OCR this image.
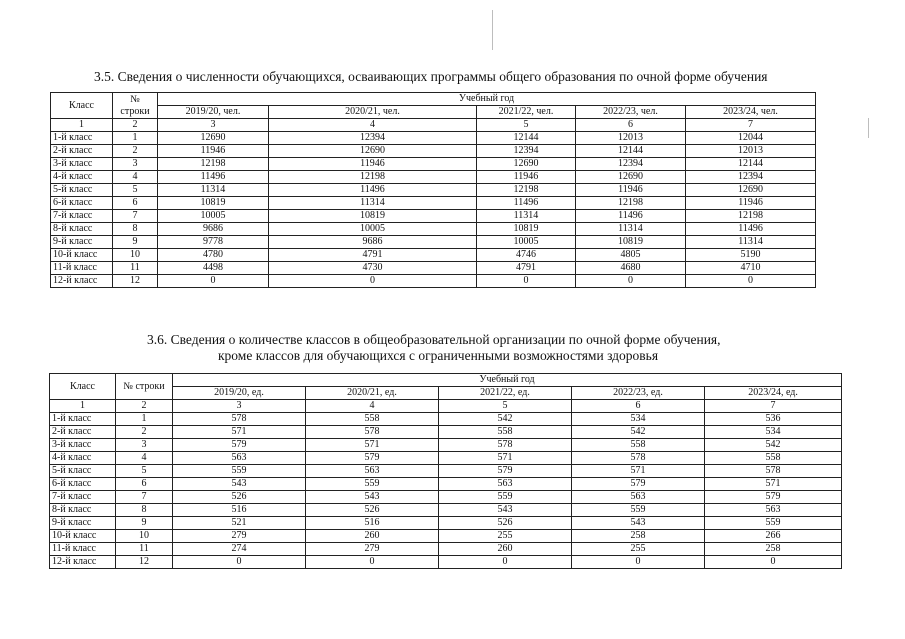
3.5. Сведения о численности обучающихся, осваивающих программы общего образования по очной форме обучения
Класс	№ строки	Учебный год				
		2019/20, чел.	2020/21, чел.	2021/22, чел.	2022/23, чел.	2023/24, чел.
1	2	3	4	5	6	7
1-й класс	1	12690	12394	12144	12013	12044
2-й класс	2	11946	12690	12394	12144	12013
3-й класс	3	12198	11946	12690	12394	12144
4-й класс	4	11496	12198	11946	12690	12394
5-й класс	5	11314	11496	12198	11946	12690
6-й класс	6	10819	11314	11496	12198	11946
7-й класс	7	10005	10819	11314	11496	12198
8-й класс	8	9686	10005	10819	11314	11496
9-й класс	9	9778	9686	10005	10819	11314
10-й класс	10	4780	4791	4746	4805	5190
11-й класс	11	4498	4730	4791	4680	4710
12-й класс	12	0	0	0	0	0
3.6. Сведения о количестве классов в общеобразовательной организации по очной форме обучения,
кроме классов для обучающихся с ограниченными возможностями здоровья
Класс	№ строки	Учебный год				
		2019/20, ед.	2020/21, ед.	2021/22, ед.	2022/23, ед.	2023/24, ед.
1	2	3	4	5	6	7
1-й класс	1	578	558	542	534	536
2-й класс	2	571	578	558	542	534
3-й класс	3	579	571	578	558	542
4-й класс	4	563	579	571	578	558
5-й класс	5	559	563	579	571	578
6-й класс	6	543	559	563	579	571
7-й класс	7	526	543	559	563	579
8-й класс	8	516	526	543	559	563
9-й класс	9	521	516	526	543	559
10-й класс	10	279	260	255	258	266
11-й класс	11	274	279	260	255	258
12-й класс	12	0	0	0	0	0
